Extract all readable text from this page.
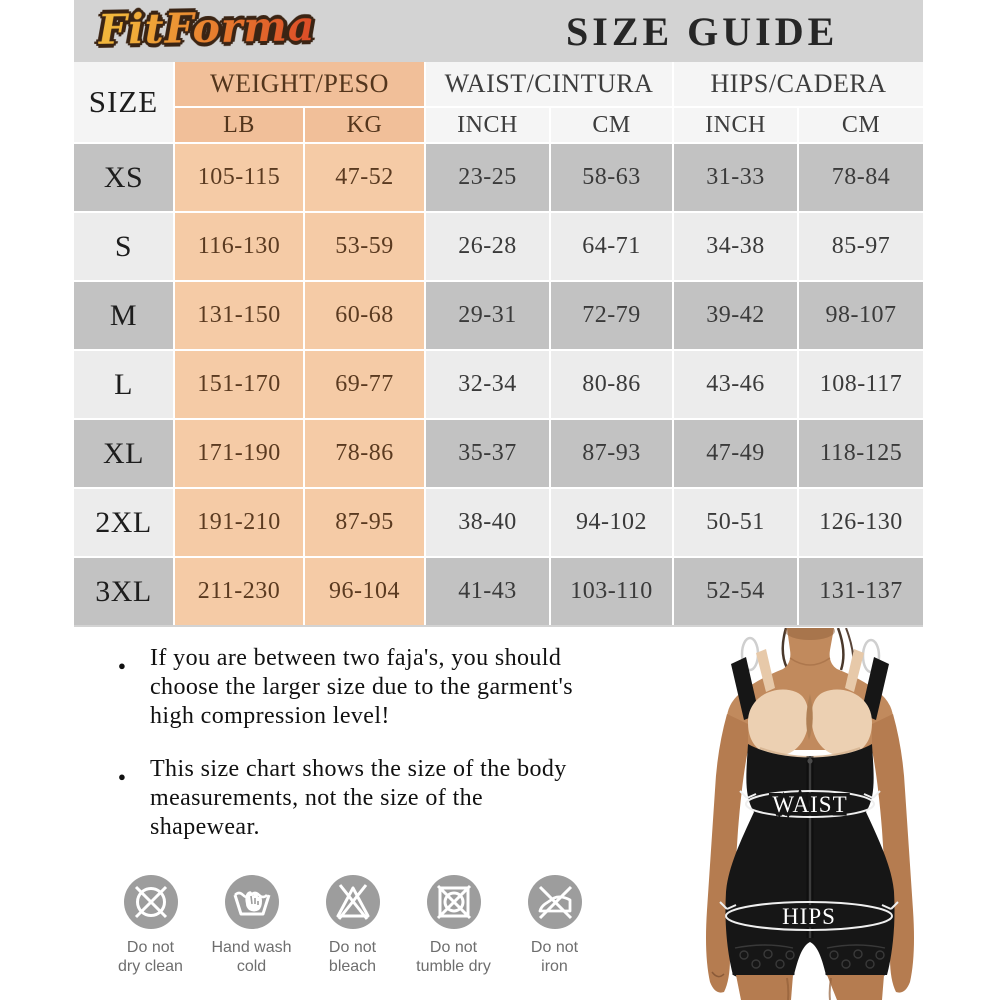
FitForma	SIZE GUIDE
SIZE
WEIGHT/PESO	WAIST/CINTURA	HIPS/CADERA
LB	KG	INCH	CM	INCH	CM
XS	105-115	47-52	23-25	58-63	31-33	78-84
S	116-130	53-59	26-28	64-71	34-38	85-97
M	131-150	60-68	29-31	72-79	39-42	98-107
L	151-170	69-77	32-34	80-86	43-46	108-117
XL	171-190	78-86	35-37	87-93	47-49	118-125
2XL	191-210	87-95	38-40	94-102	50-51	126-130
3XL	211-230	96-104	41-43	103-110	52-54	131-137
● If you are between two faja's, you should
choose the larger size due to the garment's
high compression level!
● This size chart shows the size of the body
measurements, not the size of the
shapewear.
Do not
dry clean
Hand wash
cold
Do not
bleach
Do not
tumble dry
Do not
iron
WAIST
HIPS
